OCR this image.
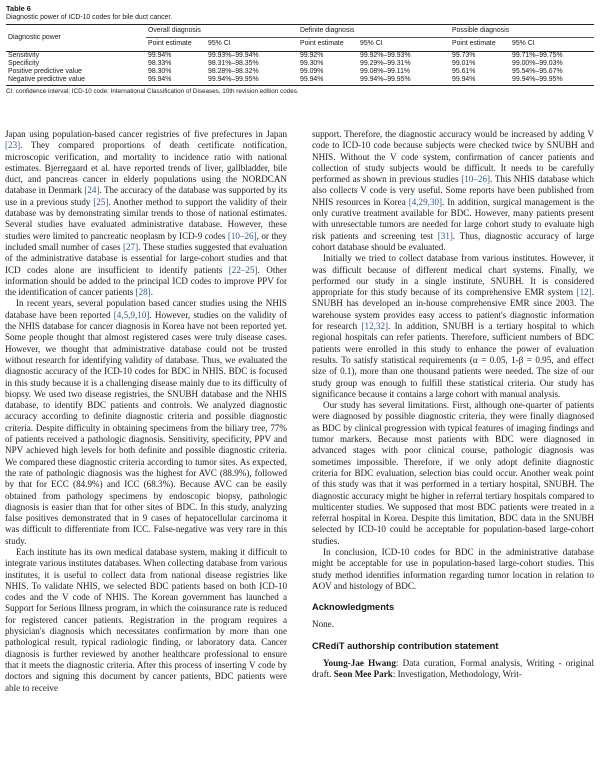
Table 6
Diagnostic power of ICD-10 codes for bile duct cancer.
Diagnostic power	Overall diagnosis		Definite diagnosis		Possible diagnosis	
	Point estimate	95% CI	Point estimate	95% CI	Point estimate	95% CI
Sensitivity	99.94%	99.93%–99.94%	99.92%	99.92%–99.93%	99.73%	99.71%–99.75%
Specificity	98.33%	98.31%–98.35%	99.30%	99.29%–99.31%	99.01%	99.00%–99.03%
Positive predictive value	98.30%	98.28%–98.32%	99.09%	99.08%–99.11%	95.61%	95.54%–95.67%
Negative predictive value	99.94%	99.94%–99.95%	99.94%	99.94%–99.95%	99.94%	99.94%–99.95%
CI: confidence interval; ICD-10 code: International Classification of Diseases, 10th revision edition codes.

Japan using population-based cancer registries of five prefectures in Japan [23]. They compared proportions of death certificate notification, microscopic verification, and mortality to incidence ratio with national estimates. Bjerregaard et al. have reported trends of liver, gallbladder, bile duct, and pancreas cancer in elderly populations using the NORDCAN database in Denmark [24]. The accuracy of the database was supported by its use in a previous study [25]. Another method to support the validity of their database was by demonstrating similar trends to those of national estimates. Several studies have evaluated administrative database. However, these studies were limited to pancreatic neoplasm by ICD-9 codes [10–26], or they included small number of cases [27]. These studies suggested that evaluation of the administrative database is essential for large-cohort studies and that ICD codes alone are insufficient to identify patients [22–25]. Other information should be added to the principal ICD codes to improve PPV for the identification of cancer patients [28].

In recent years, several population based cancer studies using the NHIS database have been reported [4,5,9,10]. However, studies on the validity of the NHIS database for cancer diagnosis in Korea have not been reported yet. Some people thought that almost registered cases were truly disease cases. However, we thought that administrative database could not be trusted without research for identifying validity of database. Thus, we evaluated the diagnostic accuracy of the ICD-10 codes for BDC in NHIS. BDC is focused in this study because it is a challenging disease mainly due to its difficulty of biopsy. We used two disease registries, the SNUBH database and the NHIS database, to identify BDC patients and controls. We analyzed diagnostic accuracy according to definite diagnostic criteria and possible diagnostic criteria. Despite difficulty in obtaining specimens from the biliary tree, 77% of patients received a pathologic diagnosis. Sensitivity, specificity, PPV and NPV achieved high levels for both definite and possible diagnostic criteria. We compared these diagnostic criteria according to tumor sites. As expected, the rate of pathologic diagnosis was the highest for AVC (88.9%), followed by that for ECC (84.9%) and ICC (68.3%). Because AVC can be easily obtained from pathology specimens by endoscopic biopsy, pathologic diagnosis is easier than that for other sites of BDC. In this study, analyzing false positives demonstrated that in 9 cases of hepatocellular carcinoma it was difficult to differentiate from ICC. False-negative was very rare in this study.

Each institute has its own medical database system, making it difficult to integrate various institutes databases. When collecting database from various institutes, it is useful to collect data from national disease registries like NHIS. To validate NHIS, we selected BDC patients based on both ICD-10 codes and the V code of NHIS. The Korean government has launched a Support for Serious Illness program, in which the coinsurance rate is reduced for registered cancer patients. Registration in the program requires a physician's diagnosis which necessitates confirmation by more than one pathological result, typical radiologic finding, or laboratory data. Cancer diagnosis is further reviewed by another healthcare professional to ensure that it meets the diagnostic criteria. After this process of inserting V code by doctors and signing this document by cancer patients, BDC patients were able to receive

support. Therefore, the diagnostic accuracy would be increased by adding V code to ICD-10 code because subjects were checked twice by SNUBH and NHIS. Without the V code system, confirmation of cancer patients and collection of study subjects would be difficult. It needs to be carefully performed as shown in previous studies [10–26]. This NHIS database which also collects V code is very useful. Some reports have been published from NHIS resources in Korea [4,29,30]. In addition, surgical management is the only curative treatment available for BDC. However, many patients present with unresectable tumors are needed for large cohort study to evaluate high risk patients and screening test [31]. Thus, diagnostic accuracy of large cohort database should be evaluated.

Initially we tried to collect database from various institutes. However, it was difficult because of different medical chart systems. Finally, we performed our study in a single institute, SNUBH. It is considered appropriate for this study because of its comprehensive EMR system [12]. SNUBH has developed an in-house comprehensive EMR since 2003. The warehouse system provides easy access to patient's diagnostic information for research [12,32]. In addition, SNUBH is a tertiary hospital to which regional hospitals can refer patients. Therefore, sufficient numbers of BDC patients were enrolled in this study to enhance the power of evaluation results. To satisfy statistical requirements (α = 0.05, 1-β = 0.95, and effect size of 0.1), more than one thousand patients were needed. The size of our study group was enough to fulfill these statistical criteria. Our study has significance because it contains a large cohort with manual analysis.

Our study has several limitations. First, although one-quarter of patients were diagnosed by possible diagnostic criteria, they were finally diagnosed as BDC by clinical progression with typical features of imaging findings and tumor markers. Because most patients with BDC were diagnosed in advanced stages with poor clinical course, pathologic diagnosis was sometimes impossible. Therefore, if we only adopt definite diagnostic criteria for BDC evaluation, selection bias could occur. Another weak point of this study was that it was performed in a tertiary hospital, SNUBH. The diagnostic accuracy might be higher in referral tertiary hospitals compared to multicenter studies. We supposed that most BDC patients were treated in a referral hospital in Korea. Despite this limitation, BDC data in the SNUBH selected by ICD-10 could be acceptable for population-based large-cohort studies.

In conclusion, ICD-10 codes for BDC in the administrative database might be acceptable for use in population-based large-cohort studies. This study method identifies information regarding tumor location in relation to AOV and histology of BDC.

Acknowledgments

None.

CRediT authorship contribution statement

Young-Jae Hwang: Data curation, Formal analysis, Writing - original draft. Seon Mee Park: Investigation, Methodology, Writ-
